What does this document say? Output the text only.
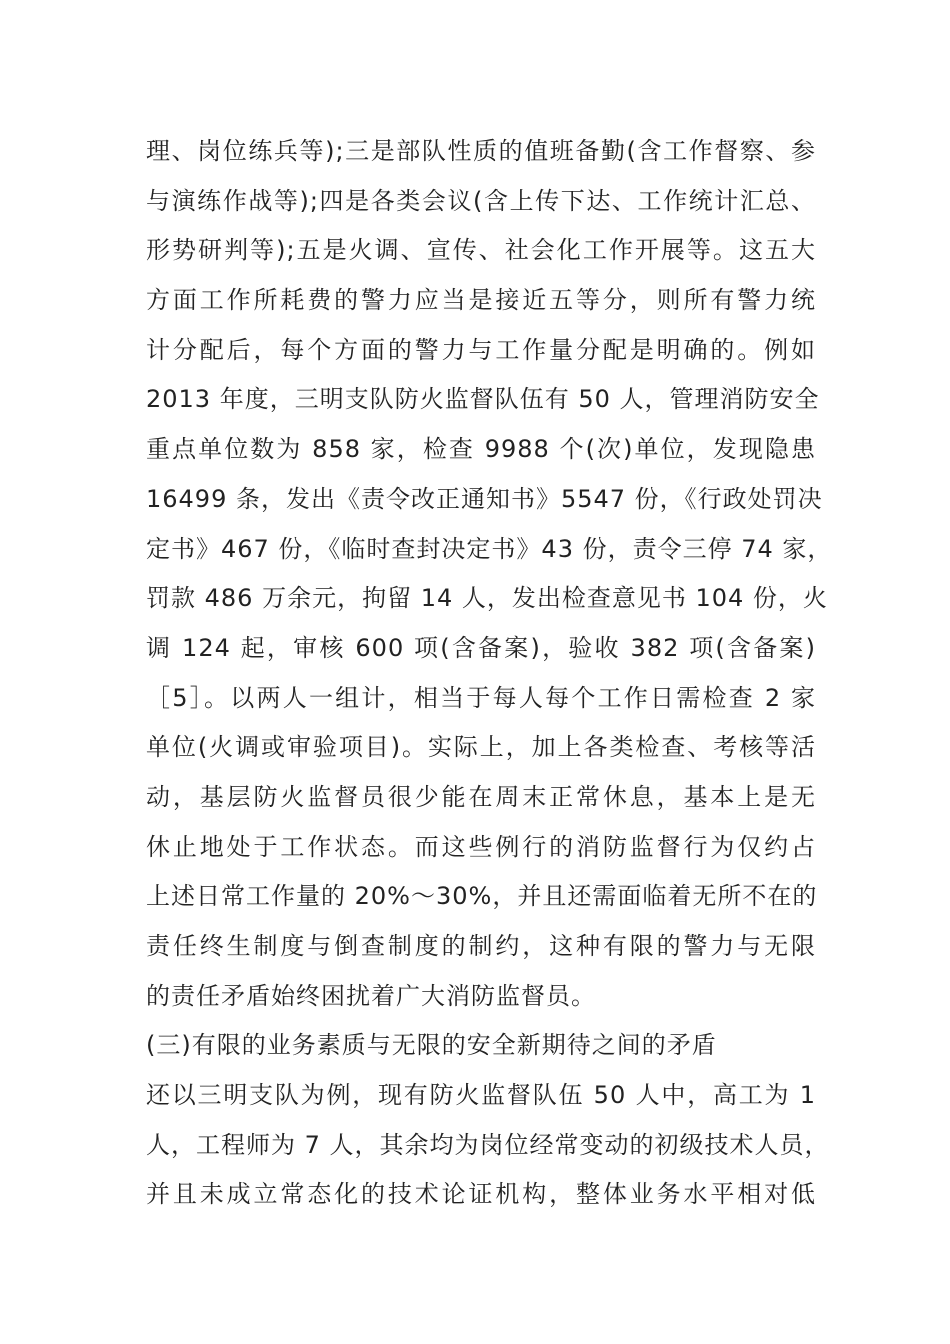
理、岗位练兵等);三是部队性质的值班备勤(含工作督察、参
与演练作战等);四是各类会议(含上传下达、工作统计汇总、
形势研判等);五是火调、宣传、社会化工作开展等。这五大
方面工作所耗费的警力应当是接近五等分，则所有警力统
计分配后，每个方面的警力与工作量分配是明确的。例如
2013 年度，三明支队防火监督队伍有 50 人，管理消防安全
重点单位数为 858 家，检查 9988 个(次)单位，发现隐患
16499 条，发出《责令改正通知书》5547 份，《行政处罚决
定书》467 份，《临时查封决定书》43 份，责令三停 74 家，
罚款 486 万余元，拘留 14 人，发出检查意见书 104 份，火
调 124 起，审核 600 项(含备案)，验收 382 项(含备案)
［5］。以两人一组计，相当于每人每个工作日需检查 2 家
单位(火调或审验项目)。实际上，加上各类检查、考核等活
动，基层防火监督员很少能在周末正常休息，基本上是无
休止地处于工作状态。而这些例行的消防监督行为仅约占
上述日常工作量的 20%～30%，并且还需面临着无所不在的
责任终生制度与倒查制度的制约，这种有限的警力与无限
的责任矛盾始终困扰着广大消防监督员。
(三)有限的业务素质与无限的安全新期待之间的矛盾
还以三明支队为例，现有防火监督队伍 50 人中，高工为 1
人，工程师为 7 人，其余均为岗位经常变动的初级技术人员，
并且未成立常态化的技术论证机构，整体业务水平相对低
